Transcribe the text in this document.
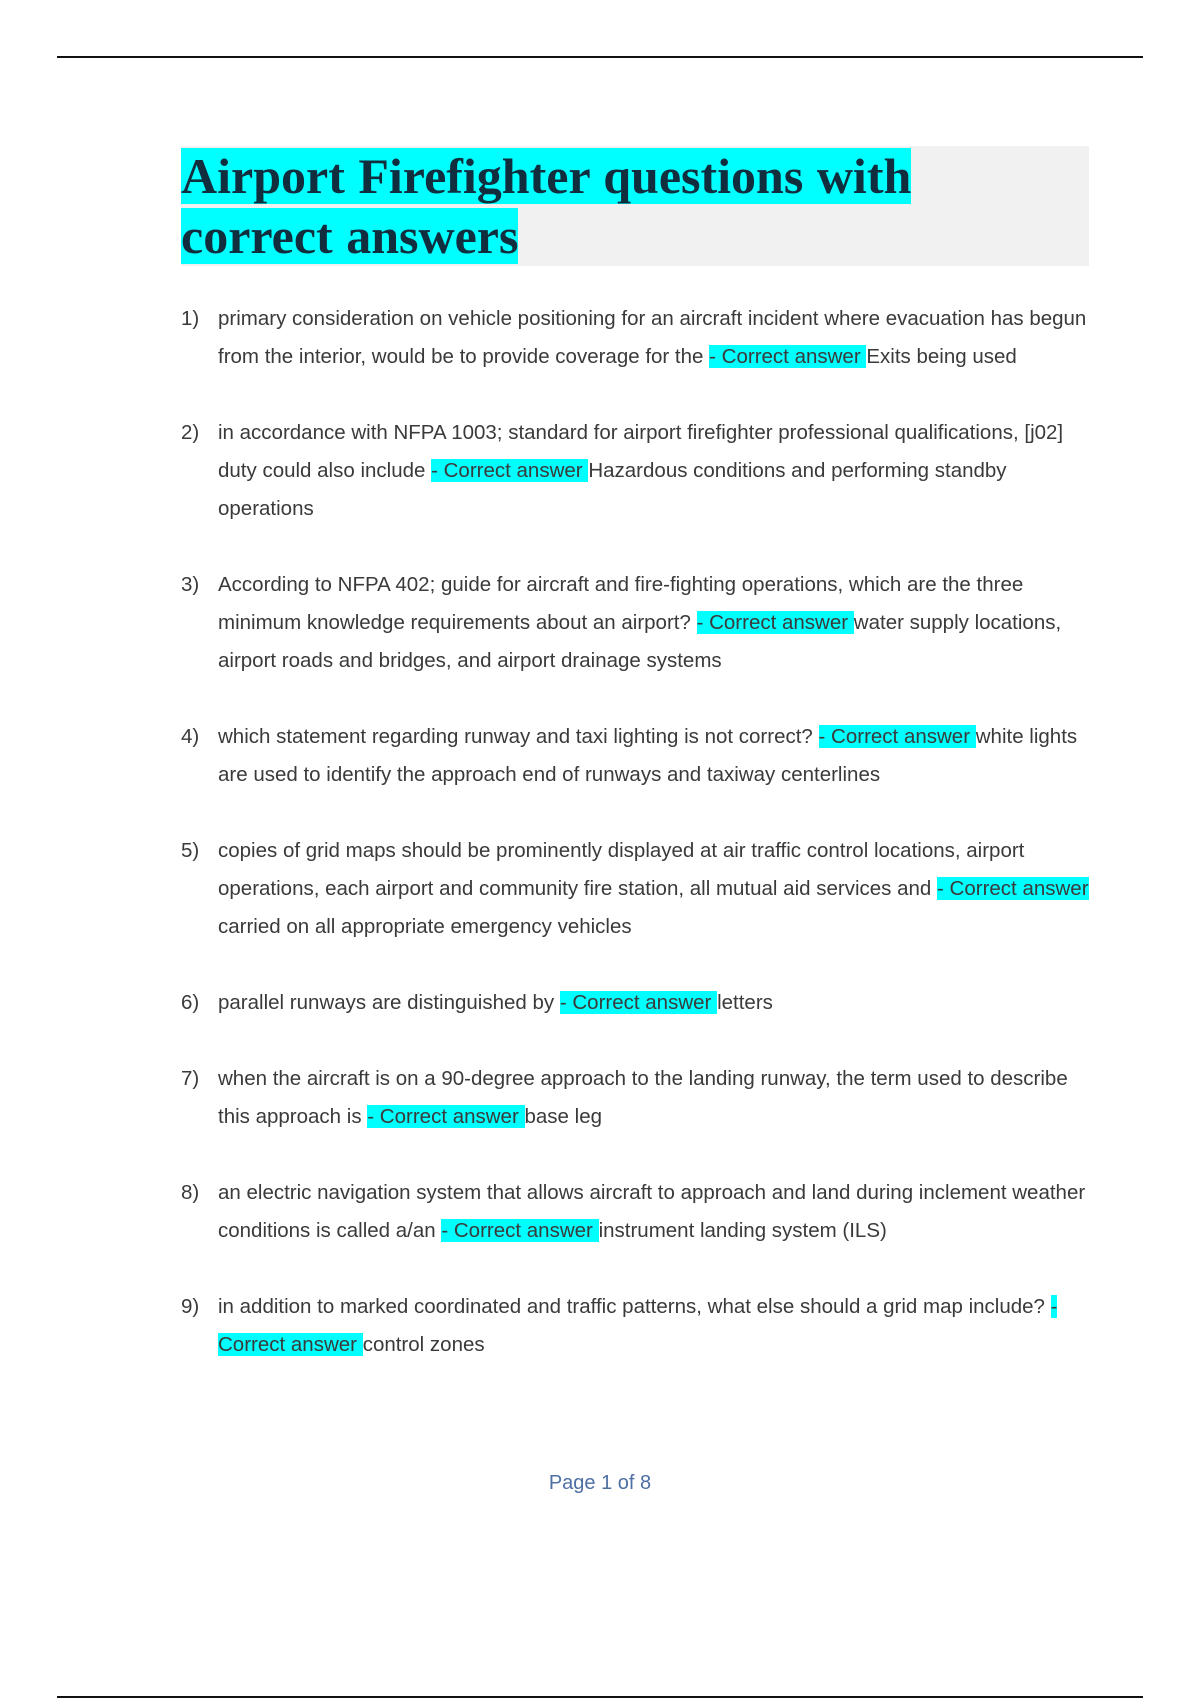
Airport Firefighter questions with
correct answers
1) primary consideration on vehicle positioning for an aircraft incident where evacuation has begun from the interior, would be to provide coverage for the - Correct answer Exits being used
2) in accordance with NFPA 1003; standard for airport firefighter professional qualifications, [j02] duty could also include - Correct answer Hazardous conditions and performing standby operations
3) According to NFPA 402; guide for aircraft and fire-fighting operations, which are the three minimum knowledge requirements about an airport? - Correct answer water supply locations, airport roads and bridges, and airport drainage systems
4) which statement regarding runway and taxi lighting is not correct? - Correct answer white lights are used to identify the approach end of runways and taxiway centerlines
5) copies of grid maps should be prominently displayed at air traffic control locations, airport operations, each airport and community fire station, all mutual aid services and - Correct answer carried on all appropriate emergency vehicles
6) parallel runways are distinguished by - Correct answer letters
7) when the aircraft is on a 90-degree approach to the landing runway, the term used to describe this approach is - Correct answer base leg
8) an electric navigation system that allows aircraft to approach and land during inclement weather conditions is called a/an - Correct answer instrument landing system (ILS)
9) in addition to marked coordinated and traffic patterns, what else should a grid map include? - Correct answer control zones
Page 1 of 8
